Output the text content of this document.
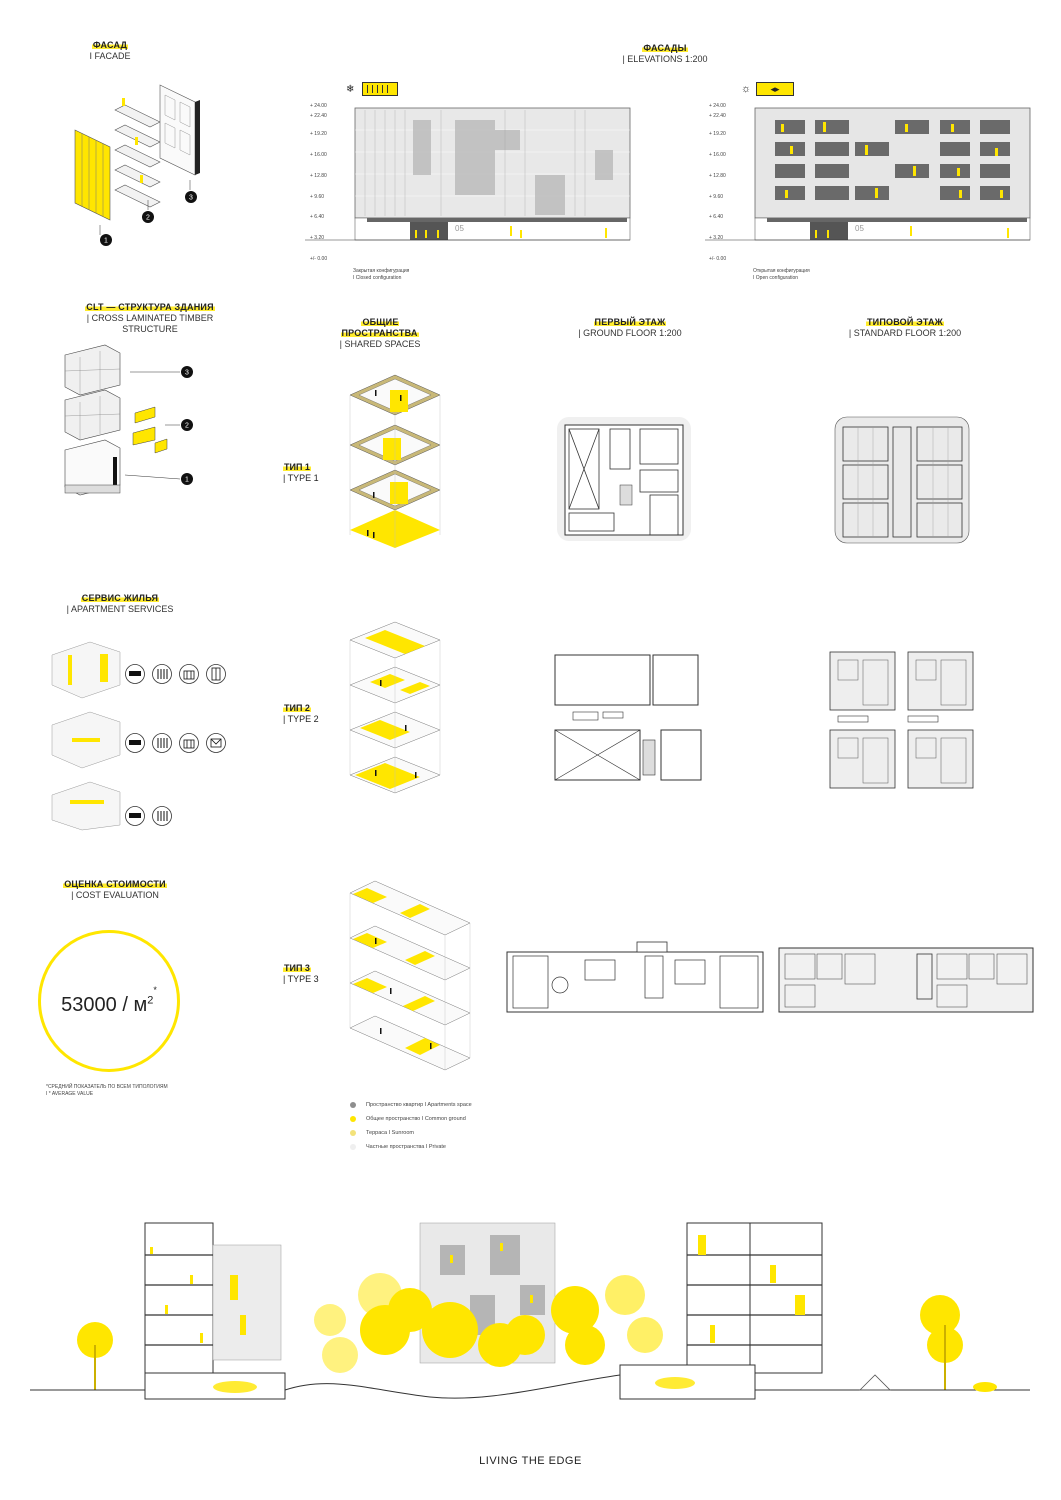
ФАСАД
I FACADE
1
2
3
ФАСАДЫ
| ELEVATIONS 1:200
❄
+ 24.00
+ 22.40
+ 19.20
+ 16.00
+ 12.80
+ 9.60
+ 6.40
+ 3.20
+/- 0.00
05
Закрытая конфигурация
I Closed configuration
☼	◂▸
+ 24.00
+ 22.40
+ 19.20
+ 16.00
+ 12.80
+ 9.60
+ 6.40
+ 3.20
+/- 0.00
05
Открытая конфигурация
I Open configuration
CLT — СТРУКТУРА ЗДАНИЯ
| CROSS LAMINATED TIMBER STRUCTURE
3
2
1
ОБЩИЕ ПРОСТРАНСТВА
| SHARED SPACES
ПЕРВЫЙ ЭТАЖ
| GROUND FLOOR 1:200
ТИПОВОЙ ЭТАЖ
| STANDARD FLOOR 1:200
ТИП 1
| TYPE 1
СЕРВИС ЖИЛЬЯ
| APARTMENT SERVICES
ТИП 2
| TYPE 2
ОЦЕНКА СТОИМОСТИ
| COST EVALUATION
$53000 / м^{2*}$
*СРЕДНИЙ ПОКАЗАТЕЛЬ ПО ВСЕМ ТИПОЛОГИЯМ
I * AVERAGE VALUE
ТИП 3
| TYPE 3
Пространство квартир I Apartments space
Общее пространство I Common ground
Терраса I Sunroom
Частные пространства I Private
LIVING THE EDGE
